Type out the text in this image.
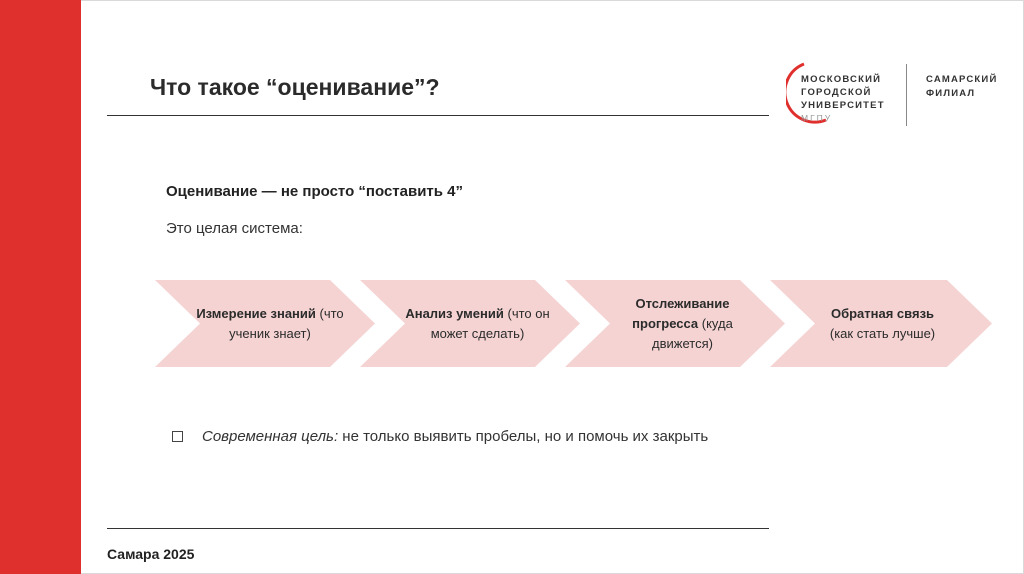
Что такое “оценивание”?	МОСКОВСКИЙ
ГОРОДСКОЙ
УНИВЕРСИТЕТ
МГПУ
САМАРСКИЙ
ФИЛИАЛ
Оценивание — не просто “поставить 4”
Это целая система:
Измерение знаний (что ученик знает)
Анализ умений (что он может сделать)
Отслеживание прогресса (куда движется)
Обратная связь
(как стать лучше)
Современная цель: не только выявить пробелы, но и помочь их закрыть
Самара 2025
